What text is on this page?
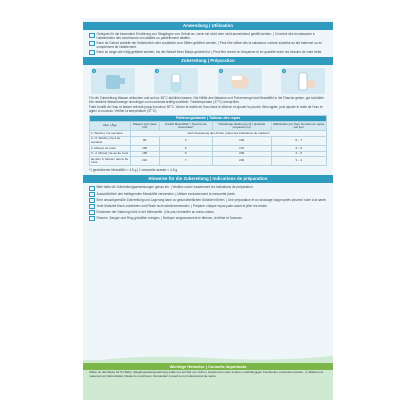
Anwendung | Utilisation
Geeignet für die besondere Ernährung von Säuglingen von Geburt an, wenn sie nicht oder nicht ausreichend gestillt werden. | Convient dès la naissance à l'alimentation des nourrissons non allaités ou partiellement allaités.
Kann ab Geburt anstelle der Muttermilch oder zusätzlich zum Stillen gefüttert werden. | Peut être utilisé dès la naissance comme substitut du lait maternel ou en complément de l'allaitement.
Kann so lange wie nötig gefüttert werden, bis der Bedarf Ihres Babys gedeckt ist. | Peut être donné en fréquence et en quantité selon les besoins de votre bébé.
Zubereitung | Préparation
1	2	3	4
Für die Zubereitung Wasser abkochen und auf ca. 50°C abkühlen lassen. Die Hälfte des Wassers und Pulvermenge laut Messlöffel in die Flasche geben, gut schütteln. Die restliche Wassermenge hinzufügen und nochmals kräftig schütteln. Trinktemperatur (37°C) überprüfen.
Faire bouillir de l'eau et laisser refroidir jusqu'à environ 50°C. Verser la moitié de l'eau dans le biberon et ajouter la poudre. Bien agiter, puis ajouter le reste de l'eau et agiter à nouveau. Vérifier la température (37°C).
Fütterungstabelle | Tableau des repas				
Alter | Âge	Wasser (ml) | Eau (ml)	Anzahl Messlöffel* | Nombre de mesurettes*	Trinkfertige Nahrung (ml) | Quantité préparée (ml)	Mahlzeiten pro Tag | Nombre de repas par jour
1. Woche | 1re semaine	nach Anweisung des Arztes | selon les indications du médecin			
2.–4. Woche | 2e à 4e semaine	90	3	100	5 – 7
2. Monat | 2e mois	150	5	170	4 – 5
3.–4. Monat | 3e au 4e mois	180	6	200	4 – 5
ab dem 5. Monat | dès le 5e mois	210	7	230	3 – 4
*1 gestrichener Messlöffel = 4,5 g | 1 mesurette arasée = 4,5 g
Hinweise für die Zubereitung | Indications de préparation
Bitte halte die Zubereitungsanweisungen genau ein. | Veuillez suivre exactement les indications de préparation.
Ausschließlich den beiliegenden Messlöffel verwenden. | Utiliser exclusivement la mesurette jointe.
Eine unsachgemäße Zubereitung und Lagerung kann zu gesundheitlichen Schäden führen. | Une préparation et un stockage inappropriés peuvent nuire à la santé.
Jede Mahlzeit frisch zubereiten und Reste nicht wiederverwenden. | Préparer chaque repas juste avant et jeter les restes.
Erwärmen der Nahrung nicht in der Mikrowelle. | Ne pas réchauffer au micro-ondes.
Flasche, Sauger und Ring gründlich reinigen. | Nettoyer soigneusement le biberon, la tétine et l'anneau.
Wichtige Hinweise | Conseils importants
Stillen ist das Beste für Ihr Baby. Säuglingsanfangsnahrung sollte nur auf Rat von Ärzten, Hebammen oder anderen unabhängigen Fachleuten verwendet werden. | L'allaitement maternel est l'alimentation idéale du nourrisson. Demandez conseil à un professionnel de santé.
